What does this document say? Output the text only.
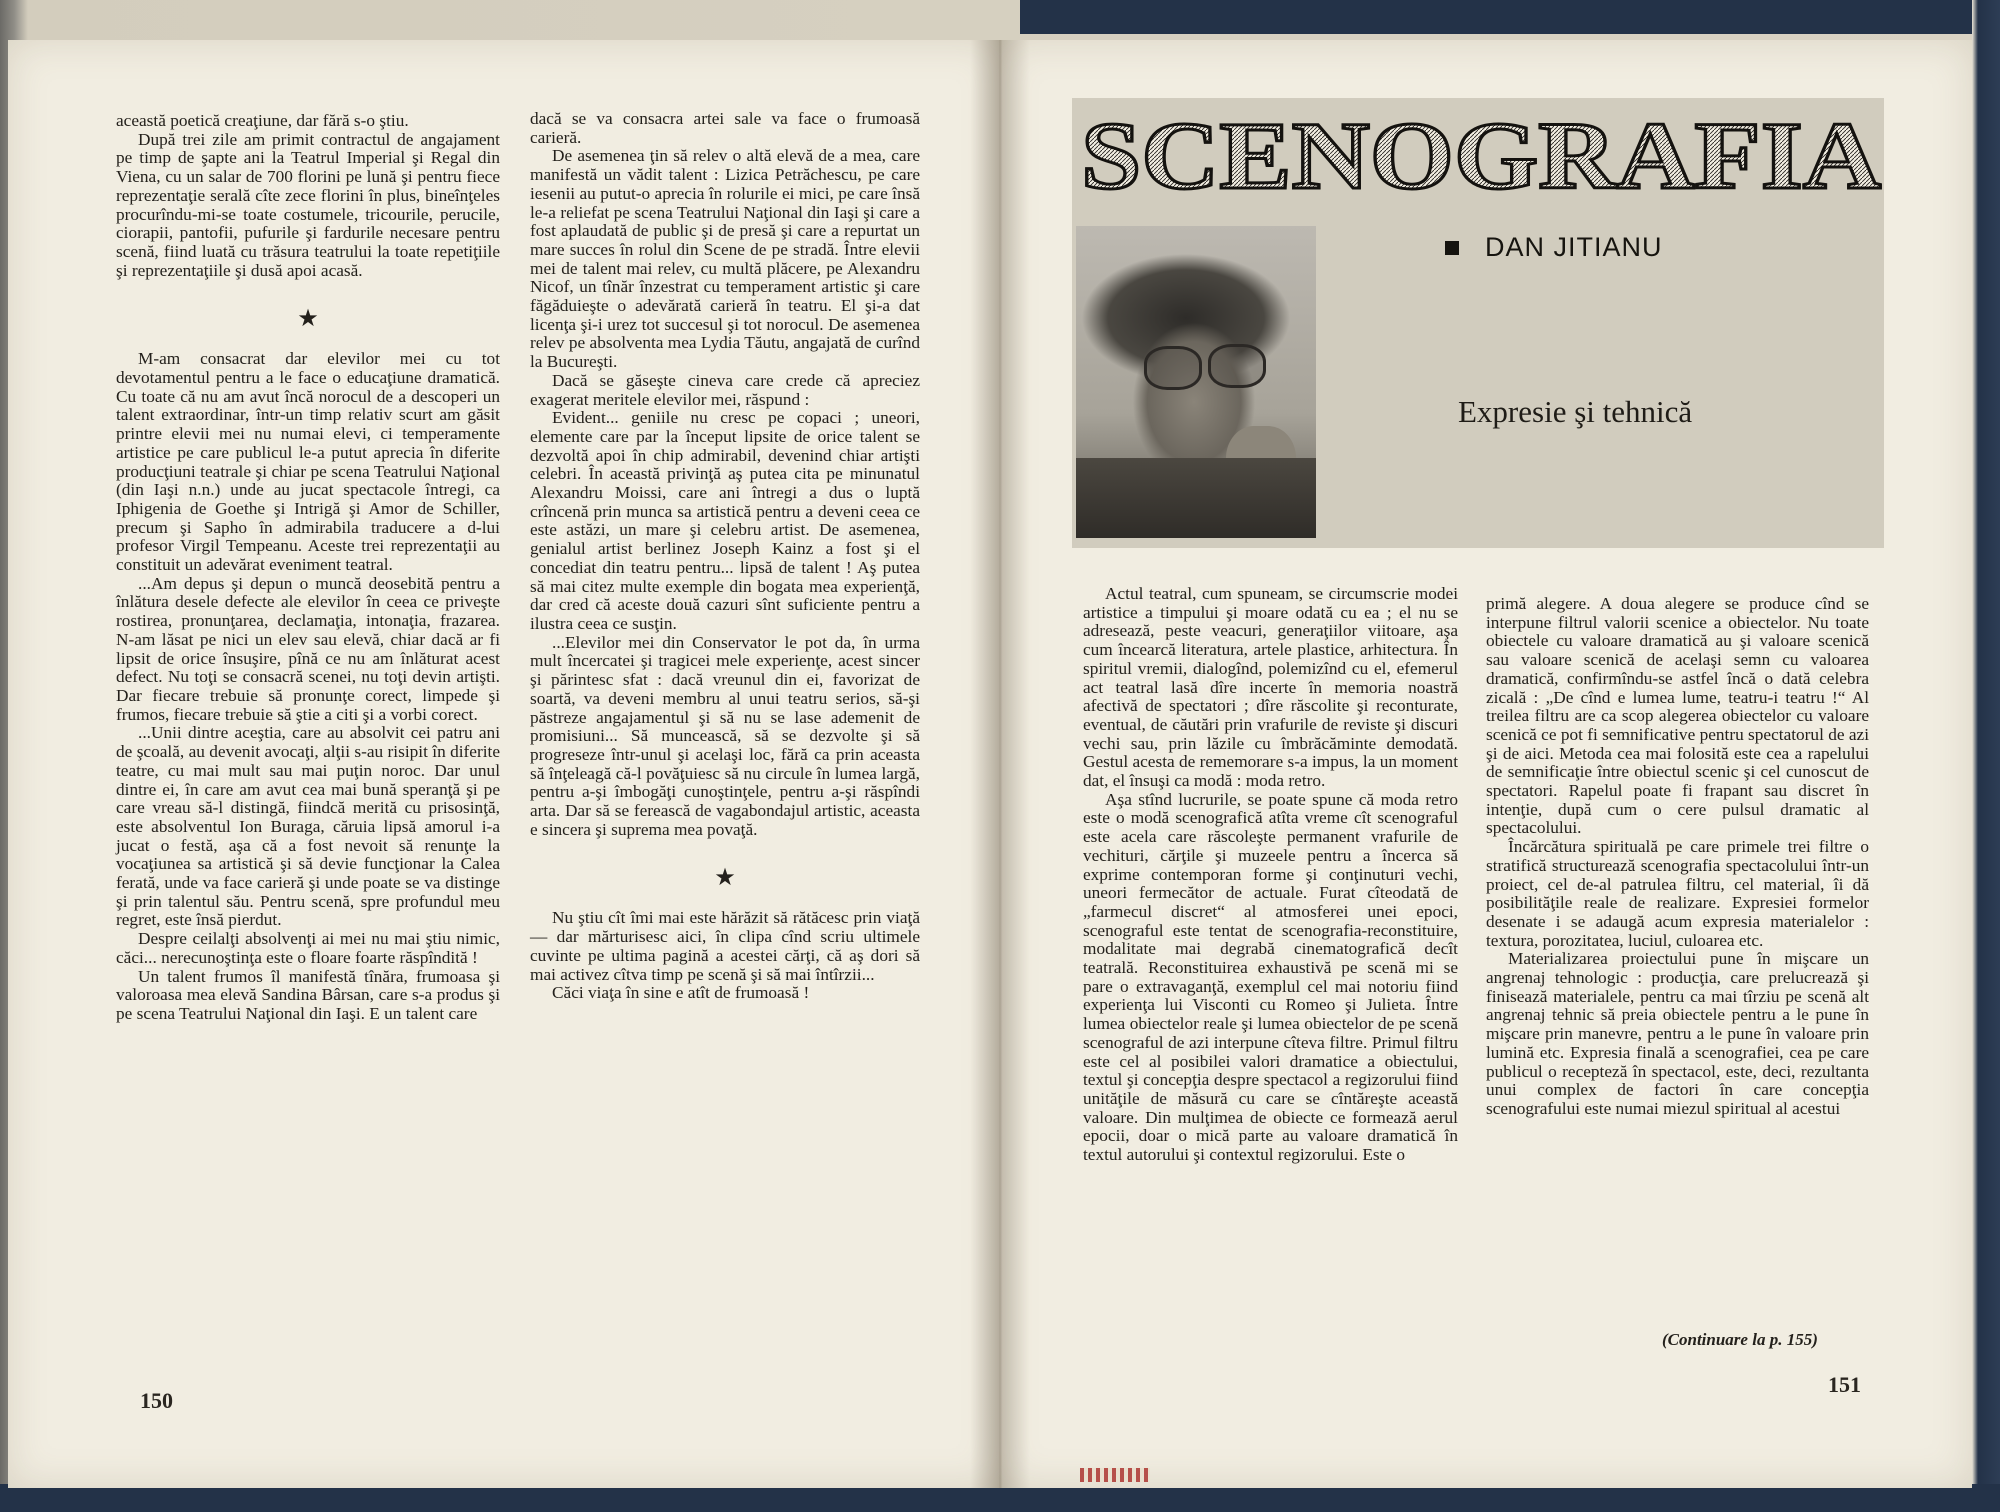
această poetică creaţiune, dar fără s-o ştiu.

După trei zile am primit contractul de angajament pe timp de şapte ani la Teatrul Imperial şi Regal din Viena, cu un salar de 700 florini pe lună şi pentru fiece reprezentaţie serală cîte zece florini în plus, bineînţeles procurîndu-mi-se toate costumele, tricourile, perucile, ciorapii, pantofii, pufurile şi fardurile necesare pentru scenă, fiind luată cu trăsura teatrului la toate repetiţiile şi reprezentaţiile şi dusă apoi acasă.

★

M-am consacrat dar elevilor mei cu tot devotamentul pentru a le face o educaţiune dramatică. Cu toate că nu am avut încă norocul de a descoperi un talent extraordinar, într-un timp relativ scurt am găsit printre elevii mei nu numai elevi, ci temperamente artistice pe care publicul le-a putut aprecia în diferite producţiuni teatrale şi chiar pe scena Teatrului Naţional (din Iaşi n.n.) unde au jucat spectacole întregi, ca Iphigenia de Goethe şi Intrigă şi Amor de Schiller, precum şi Sapho în admirabila traducere a d-lui profesor Virgil Tempeanu. Aceste trei reprezentaţii au constituit un adevărat eveniment teatral.

...Am depus şi depun o muncă deosebită pentru a înlătura desele defecte ale elevilor în ceea ce priveşte rostirea, pronunţarea, declamaţia, intonaţia, frazarea. N-am lăsat pe nici un elev sau elevă, chiar dacă ar fi lipsit de orice însuşire, pînă ce nu am înlăturat acest defect. Nu toţi se consacră scenei, nu toţi devin artişti. Dar fiecare trebuie să pronunţe corect, limpede şi frumos, fiecare trebuie să ştie a citi şi a vorbi corect.

...Unii dintre aceştia, care au absolvit cei patru ani de şcoală, au devenit avocaţi, alţii s-au risipit în diferite teatre, cu mai mult sau mai puţin noroc. Dar unul dintre ei, în care am avut cea mai bună speranţă şi pe care vreau să-l distingă, fiindcă merită cu prisosinţă, este absolventul Ion Buraga, căruia lipsă amorul i-a jucat o festă, aşa că a fost nevoit să renunţe la vocaţiunea sa artistică şi să devie funcţionar la Calea ferată, unde va face carieră şi unde poate se va distinge şi prin talentul său. Pentru scenă, spre profundul meu regret, este însă pierdut.

Despre ceilalţi absolvenţi ai mei nu mai ştiu nimic, căci... nerecunoştinţa este o floare foarte răspîndită !

Un talent frumos îl manifestă tînăra, frumoasa şi valoroasa mea elevă Sandina Bârsan, care s-a produs şi pe scena Teatrului Naţional din Iaşi. E un talent care

dacă se va consacra artei sale va face o frumoasă carieră.

De asemenea ţin să relev o altă elevă de a mea, care manifestă un vădit talent : Lizica Petrăchescu, pe care iesenii au putut-o aprecia în rolurile ei mici, pe care însă le-a reliefat pe scena Teatrului Naţional din Iaşi şi care a fost aplaudată de public şi de presă şi care a repurtat un mare succes în rolul din Scene de pe stradă. Între elevii mei de talent mai relev, cu multă plăcere, pe Alexandru Nicof, un tînăr înzestrat cu temperament artistic şi care făgăduieşte o adevărată carieră în teatru. El şi-a dat licenţa şi-i urez tot succesul şi tot norocul. De asemenea relev pe absolventa mea Lydia Tăutu, angajată de curînd la Bucureşti.

Dacă se găseşte cineva care crede că apreciez exagerat meritele elevilor mei, răspund :

Evident... geniile nu cresc pe copaci ; uneori, elemente care par la început lipsite de orice talent se dezvoltă apoi în chip admirabil, devenind chiar artişti celebri. În această privinţă aş putea cita pe minunatul Alexandru Moissi, care ani întregi a dus o luptă crîncenă prin munca sa artistică pentru a deveni ceea ce este astăzi, un mare şi celebru artist. De asemenea, genialul artist berlinez Joseph Kainz a fost şi el concediat din teatru pentru... lipsă de talent ! Aş putea să mai citez multe exemple din bogata mea experienţă, dar cred că aceste două cazuri sînt suficiente pentru a ilustra ceea ce susţin.

...Elevilor mei din Conservator le pot da, în urma mult încercatei şi tragicei mele experienţe, acest sincer şi părintesc sfat : dacă vreunul din ei, favorizat de soartă, va deveni membru al unui teatru serios, să-şi păstreze angajamentul şi să nu se lase ademenit de promisiuni... Să muncească, să se dezvolte şi să progreseze într-unul şi acelaşi loc, fără ca prin aceasta să înţeleagă că-l povăţuiesc să nu circule în lumea largă, pentru a-şi îmbogăţi cunoştinţele, pentru a-şi răspîndi arta. Dar să se ferească de vagabondajul artistic, aceasta e sincera şi suprema mea povaţă.

★

Nu ştiu cît îmi mai este hărăzit să rătăcesc prin viaţă — dar mărturisesc aici, în clipa cînd scriu ultimele cuvinte pe ultima pagină a acestei cărţi, că aş dori să mai activez cîtva timp pe scenă şi să mai întîrzii...

Căci viaţa în sine e atît de frumoasă !

150
SCENOGRAFIA
DAN JITIANU
Expresie şi tehnică

Actul teatral, cum spuneam, se circumscrie modei artistice a timpului şi moare odată cu ea ; el nu se adresează, peste veacuri, generaţiilor viitoare, aşa cum încearcă literatura, artele plastice, arhitectura. În spiritul vremii, dialogînd, polemizînd cu el, efemerul act teatral lasă dîre incerte în memoria noastră afectivă de spectatori ; dîre răscolite şi reconturate, eventual, de căutări prin vrafurile de reviste şi discuri vechi sau, prin lăzile cu îmbrăcăminte demodată. Gestul acesta de rememorare s-a impus, la un moment dat, el însuşi ca modă : moda retro.

Aşa stînd lucrurile, se poate spune că moda retro este o modă scenografică atîta vreme cît scenograful este acela care răscoleşte permanent vrafurile de vechituri, cărţile şi muzeele pentru a încerca să exprime contemporan forme şi conţinuturi vechi, uneori fermecător de actuale. Furat cîteodată de „farmecul discret“ al atmosferei unei epoci, scenograful este tentat de scenografia-reconstituire, modalitate mai degrabă cinematografică decît teatrală. Reconstituirea exhaustivă pe scenă mi se pare o extravaganţă, exemplul cel mai notoriu fiind experienţa lui Visconti cu Romeo şi Julieta. Între lumea obiectelor reale şi lumea obiectelor de pe scenă scenograful de azi interpune cîteva filtre. Primul filtru este cel al posibilei valori dramatice a obiectului, textul şi concepţia despre spectacol a regizorului fiind unităţile de măsură cu care se cîntăreşte această valoare. Din mulţimea de obiecte ce formează aerul epocii, doar o mică parte au valoare dramatică în textul autorului şi contextul regizorului. Este o

primă alegere. A doua alegere se produce cînd se interpune filtrul valorii scenice a obiectelor. Nu toate obiectele cu valoare dramatică au şi valoare scenică sau valoare scenică de acelaşi semn cu valoarea dramatică, confirmîndu-se astfel încă o dată celebra zicală : „De cînd e lumea lume, teatru-i teatru !“ Al treilea filtru are ca scop alegerea obiectelor cu valoare scenică ce pot fi semnificative pentru spectatorul de azi şi de aici. Metoda cea mai folosită este cea a rapelului de semnificaţie între obiectul scenic şi cel cunoscut de spectatori. Rapelul poate fi frapant sau discret în intenţie, după cum o cere pulsul dramatic al spectacolului.

Încărcătura spirituală pe care primele trei filtre o stratifică structurează scenografia spectacolului într-un proiect, cel de-al patrulea filtru, cel material, îi dă posibilităţile reale de realizare. Expresiei formelor desenate i se adaugă acum expresia materialelor : textura, porozitatea, luciul, culoarea etc.

Materializarea proiectului pune în mişcare un angrenaj tehnologic : producţia, care prelucrează şi finisează materialele, pentru ca mai tîrziu pe scenă alt angrenaj tehnic să preia obiectele pentru a le pune în mişcare prin manevre, pentru a le pune în valoare prin lumină etc. Expresia finală a scenografiei, cea pe care publicul o recepteză în spectacol, este, deci, rezultanta unui complex de factori în care concepţia scenografului este numai miezul spiritual al acestui

(Continuare la p. 155)
151
